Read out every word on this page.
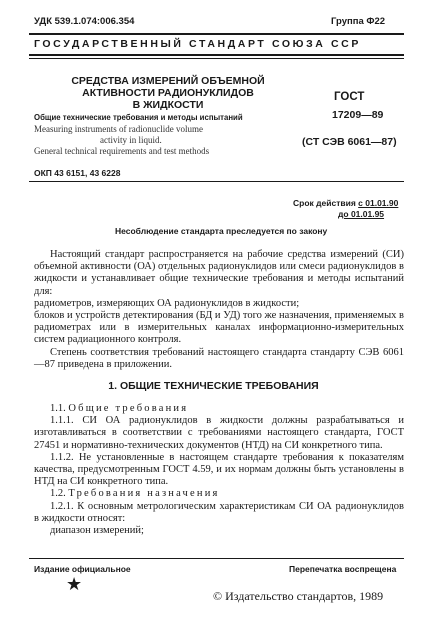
УДК 539.1.074:006.354	Группа Ф22
ГОСУДАРСТВЕННЫЙ СТАНДАРТ СОЮЗА ССР
СРЕДСТВА ИЗМЕРЕНИЙ ОБЪЕМНОЙ
АКТИВНОСТИ РАДИОНУКЛИДОВ
В ЖИДКОСТИ
ГОСТ
17209—89
Общие технические требования и методы испытаний
Measuring instruments of radionuclide volume
activity in liquid.
General technical requirements and test methods
(СТ СЭВ 6061—87)
ОКП 43 6151, 43 6228
Срок действия с 01.01.90
до 01.01.95
Несоблюдение стандарта преследуется по закону

Настоящий стандарт распространяется на рабочие средства измерений (СИ) объемной активности (ОА) отдельных радионуклидов или смеси радионуклидов в жидкости и устанавливает общие технические требования и методы испытаний для:

радиометров, измеряющих ОА радионуклидов в жидкости;

блоков и устройств детектирования (БД и УД) того же назначения, применяемых в радиометрах или в измерительных каналах информационно-измерительных систем радиационного контроля.

Степень соответствия требований настоящего стандарта стандарту СЭВ 6061—87 приведена в приложении.

1. ОБЩИЕ ТЕХНИЧЕСКИЕ ТРЕБОВАНИЯ

1.1. Общие требования

1.1.1. СИ ОА радионуклидов в жидкости должны разрабатываться и изготавливаться в соответствии с требованиями настоящего стандарта, ГОСТ 27451 и нормативно-технических документов (НТД) на СИ конкретного типа.

1.1.2. Не установленные в настоящем стандарте требования к показателям качества, предусмотренным ГОСТ 4.59, и их нормам должны быть установлены в НТД на СИ конкретного типа.

1.2. Требования назначения

1.2.1. К основным метрологическим характеристикам СИ ОА радионуклидов в жидкости относят:

диапазон измерений;

Издание официальное	Перепечатка воспрещена
★
© Издательство стандартов, 1989
